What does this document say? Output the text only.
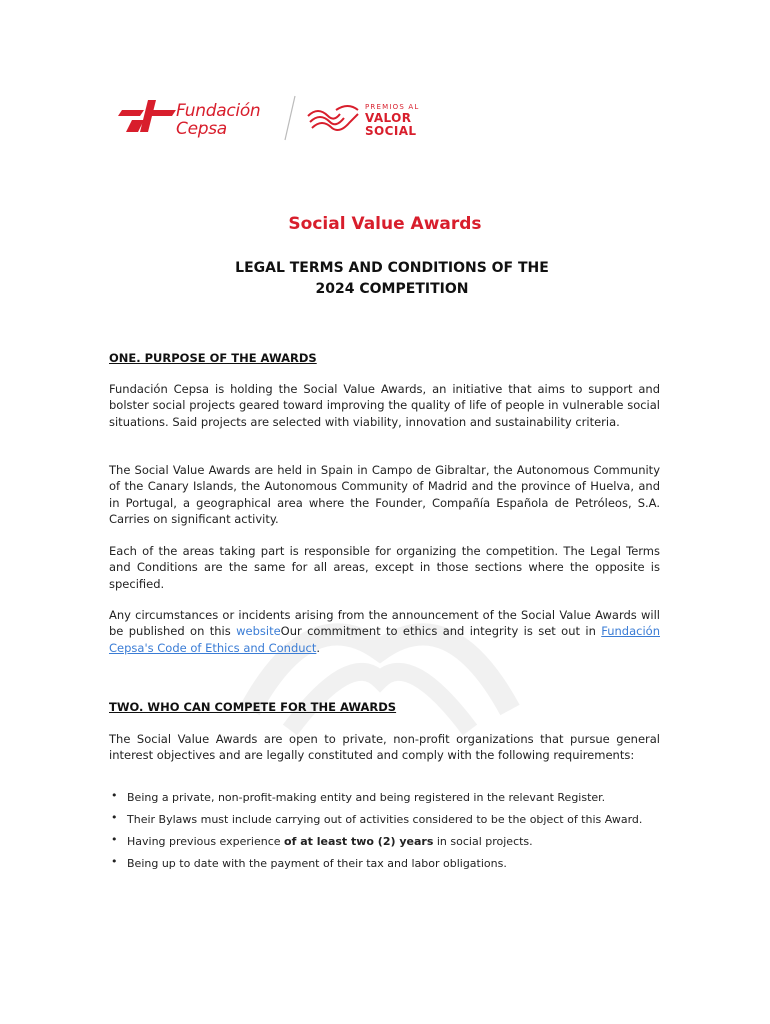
Fundación
Cepsa
PREMIOS AL
VALOR
SOCIAL
Social Value Awards
LEGAL TERMS AND CONDITIONS OF THE
2024 COMPETITION
ONE. PURPOSE OF THE AWARDS
Fundación Cepsa is holding the Social Value Awards, an initiative that aims to support and bolster social projects geared toward improving the quality of life of people in vulnerable social situations. Said projects are selected with viability, innovation and sustainability criteria.
The Social Value Awards are held in Spain in Campo de Gibraltar, the Autonomous Community of the Canary Islands, the Autonomous Community of Madrid and the province of Huelva, and in Portugal, a geographical area where the Founder, Compañía Española de Petróleos, S.A. Carries on significant activity.
Each of the areas taking part is responsible for organizing the competition. The Legal Terms and Conditions are the same for all areas, except in those sections where the opposite is specified.
Any circumstances or incidents arising from the announcement of the Social Value Awards will be published on this websiteOur commitment to ethics and integrity is set out in Fundación Cepsa's Code of Ethics and Conduct.
TWO. WHO CAN COMPETE FOR THE AWARDS
The Social Value Awards are open to private, non-profit organizations that pursue general interest objectives and are legally constituted and comply with the following requirements:
• Being a private, non-profit-making entity and being registered in the relevant Register.
• Their Bylaws must include carrying out of activities considered to be the object of this Award.
• Having previous experience of at least two (2) years in social projects.
• Being up to date with the payment of their tax and labor obligations.
